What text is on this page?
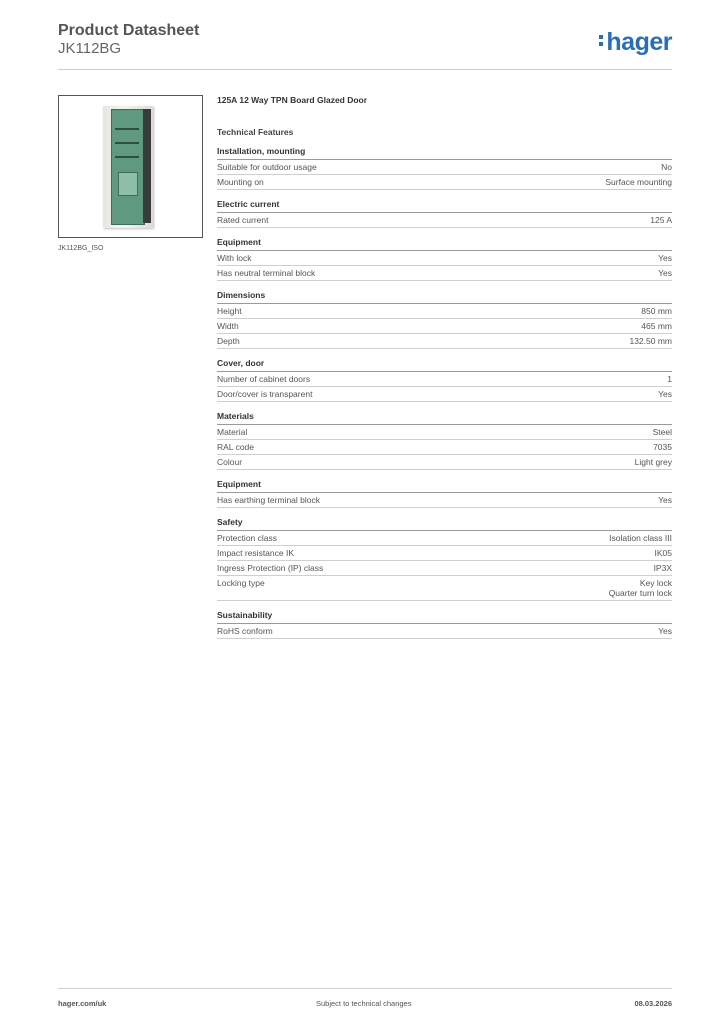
Product Datasheet
JK112BG	hager
JK112BG_ISO
125A 12 Way TPN Board Glazed Door
Technical Features
Installation, mounting
Suitable for outdoor usage	No
Mounting on	Surface mounting
Electric current
Rated current	125 A
Equipment
With lock	Yes
Has neutral terminal block	Yes
Dimensions
Height	850 mm
Width	465 mm
Depth	132.50 mm
Cover, door
Number of cabinet doors	1
Door/cover is transparent	Yes
Materials
Material	Steel
RAL code	7035
Colour	Light grey
Equipment
Has earthing terminal block	Yes
Safety
Protection class	Isolation class III
Impact resistance IK	IK05
Ingress Protection (IP) class	IP3X
Locking type	Key lock
Quarter turn lock
Sustainability
RoHS conform	Yes
hager.com/uk	Subject to technical changes	08.03.2026
